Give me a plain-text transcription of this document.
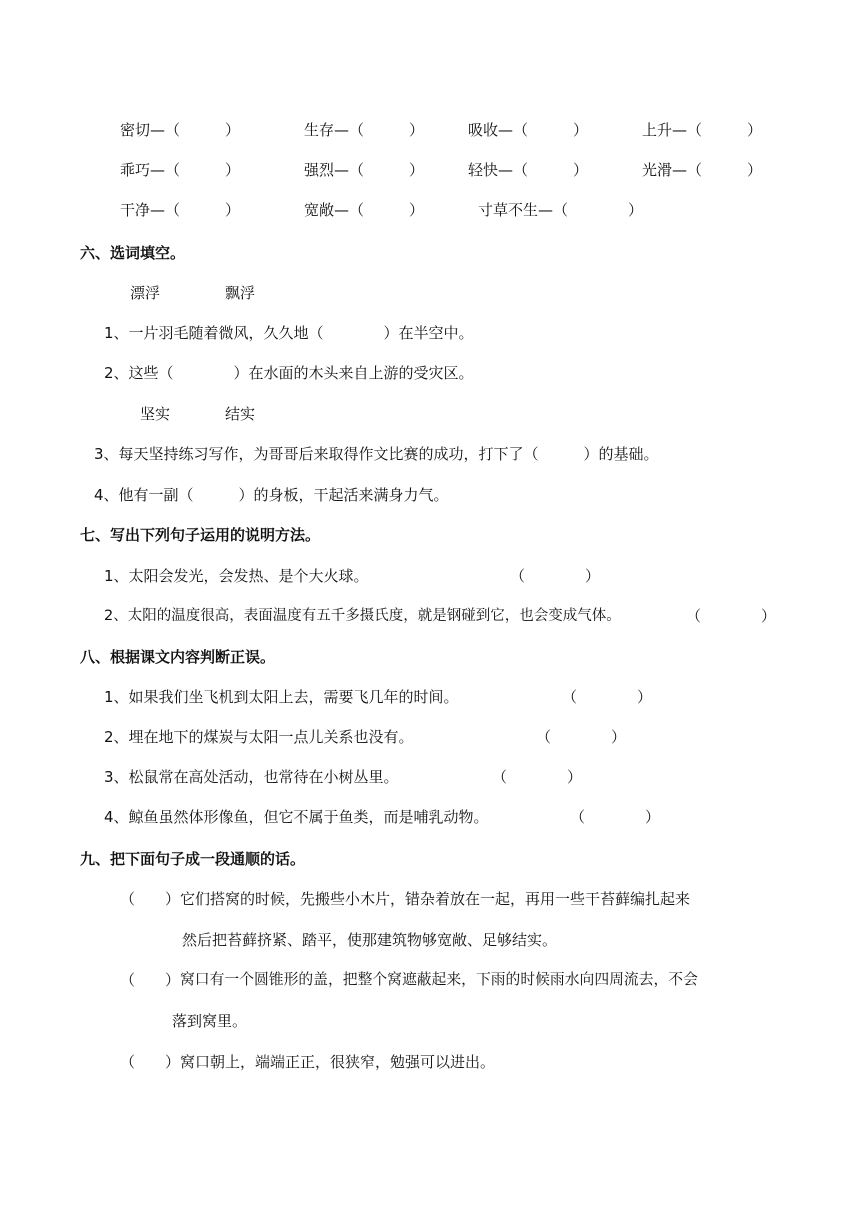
密切—（　　　）	生存—（　　　）	吸收—（　　　）	上升—（　　　）
乖巧—（　　　）	强烈—（　　　）	轻快—（　　　）	光滑—（　　　）
干净—（　　　）	宽敞—（　　　）	寸草不生—（　　　　）
六、选词填空。
漂浮	飘浮
1、一片羽毛随着微风，久久地（　　　　）在半空中。
2、这些（　　　　）在水面的木头来自上游的受灾区。
坚实	结实
3、每天坚持练习写作，为哥哥后来取得作文比赛的成功，打下了（　　　）的基础。
4、他有一副（　　　）的身板，干起活来满身力气。
七、写出下列句子运用的说明方法。
1、太阳会发光，会发热、是个大火球。	（　　　　）
2、太阳的温度很高，表面温度有五千多摄氏度，就是钢碰到它，也会变成气体。	（　　　　）
八、根据课文内容判断正误。
1、如果我们坐飞机到太阳上去，需要飞几年的时间。	（　　　　）
2、埋在地下的煤炭与太阳一点儿关系也没有。	（　　　　）
3、松鼠常在高处活动，也常待在小树丛里。	（　　　　）
4、鲸鱼虽然体形像鱼，但它不属于鱼类，而是哺乳动物。	（　　　　）
九、把下面句子成一段通顺的话。
（　　） 它们搭窝的时候，先搬些小木片，错杂着放在一起，再用一些干苔藓编扎起来
然后把苔藓挤紧、踏平，使那建筑物够宽敞、足够结实。
（　　） 窝口有一个圆锥形的盖，把整个窝遮蔽起来，下雨的时候雨水向四周流去，不会
落到窝里。
（　　） 窝口朝上，端端正正，很狭窄，勉强可以进出。
